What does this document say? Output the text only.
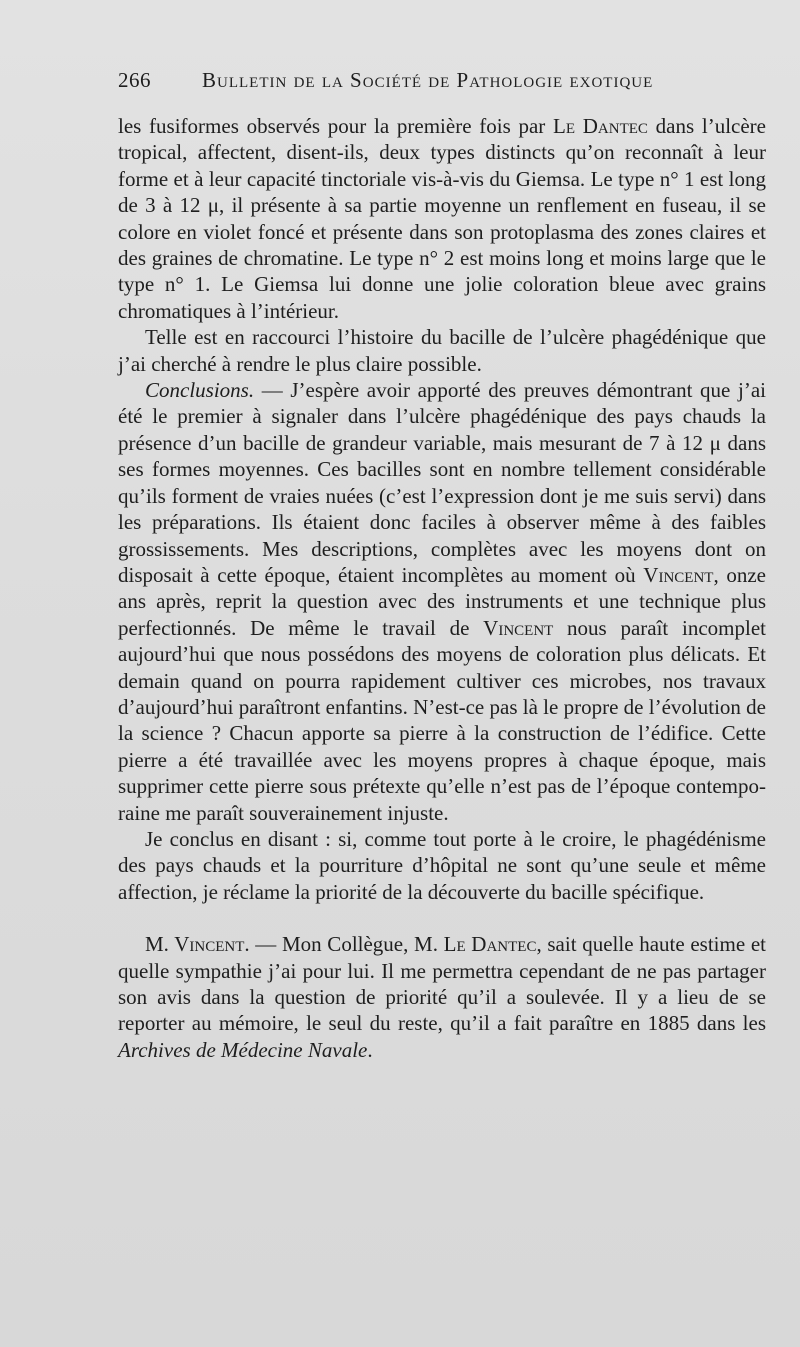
266 Bulletin de la Société de Pathologie exotique

les fusiformes observés pour la première fois par Le Dantec dans l’ulcère tropical, affectent, disent-ils, deux types distincts qu’on reconnaît à leur forme et à leur capacité tinctoriale vis-à-vis du Giemsa. Le type n° 1 est long de 3 à 12 μ, il présente à sa partie moyenne un renflement en fuseau, il se colore en violet foncé et présente dans son protoplasma des zones claires et des graines de chromatine. Le type n° 2 est moins long et moins large que le type n° 1. Le Giemsa lui donne une jolie coloration bleue avec grains chromatiques à l’intérieur.

Telle est en raccourci l’histoire du bacille de l’ulcère phagédénique que j’ai cherché à rendre le plus claire possible.

Conclusions. — J’espère avoir apporté des preuves démontrant que j’ai été le premier à signaler dans l’ulcère phagédénique des pays chauds la présence d’un bacille de grandeur variable, mais mesurant de 7 à 12 μ dans ses formes moyennes. Ces bacilles sont en nombre tellement considérable qu’ils forment de vraies nuées (c’est l’expression dont je me suis servi) dans les préparations. Ils étaient donc faciles à observer même à des faibles grossissements. Mes descriptions, complètes avec les moyens dont on disposait à cette époque, étaient incomplètes au moment où Vincent, onze ans après, reprit la question avec des instruments et une technique plus perfectionnés. De même le travail de Vincent nous paraît incomplet aujourd’hui que nous possédons des moyens de coloration plus délicats. Et demain quand on pourra rapidement cultiver ces microbes, nos travaux d’aujourd’hui paraîtront enfantins. N’est-ce pas là le propre de l’évolution de la science ? Chacun apporte sa pierre à la construction de l’édifice. Cette pierre a été travaillée avec les moyens propres à chaque époque, mais supprimer cette pierre sous prétexte qu’elle n’est pas de l’époque contemporaine me paraît souverainement injuste.

Je conclus en disant : si, comme tout porte à le croire, le phagédénisme des pays chauds et la pourriture d’hôpital ne sont qu’une seule et même affection, je réclame la priorité de la découverte du bacille spécifique.

M. Vincent. — Mon Collègue, M. Le Dantec, sait quelle haute estime et quelle sympathie j’ai pour lui. Il me permettra cependant de ne pas partager son avis dans la question de priorité qu’il a soulevée. Il y a lieu de se reporter au mémoire, le seul du reste, qu’il a fait paraître en 1885 dans les Archives de Médecine Navale.
